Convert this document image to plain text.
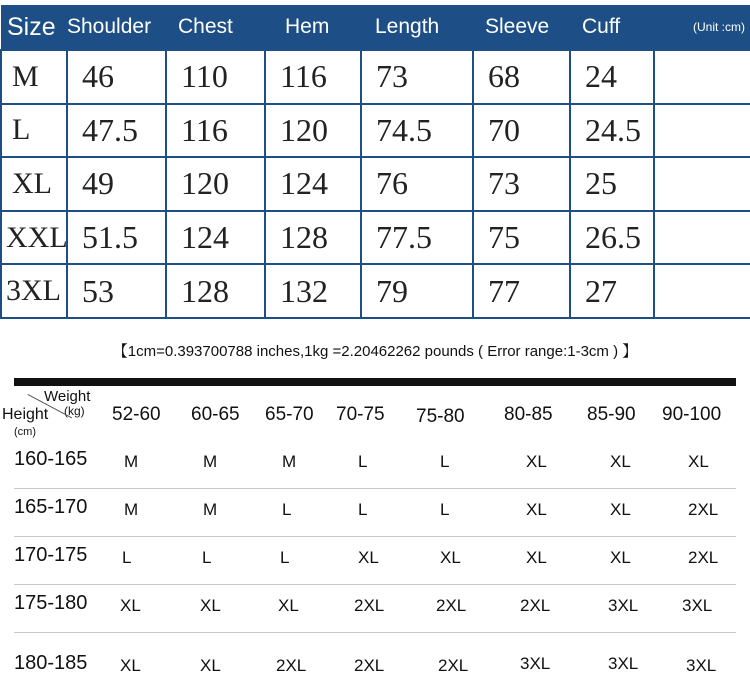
Size	Shoulder	Chest	Hem	Length	Sleeve	Cuff	(Unit :cm)
M	46	110	116	73	68	24	
L	47.5	116	120	74.5	70	24.5	
XL	49	120	124	76	73	25	
XXL	51.5	124	128	77.5	75	26.5	
3XL	53	128	132	79	77	27	
【1cm=0.393700788 inches,1kg =2.20462262 pounds ( Error range:1-3cm ) 】
Weight
(kg)
Height
(cm)
52-60 60-65 65-70 70-75 75-80 80-85 85-90 90-100
160-165 M	M	M	L	L	XL	XL	XL
165-170 M	M	L	L	L	XL	XL	2XL
170-175 L	L	L	XL	XL	XL	XL	2XL
175-180 XL	XL	XL	2XL	2XL	2XL	3XL	3XL
180-185 XL	XL	2XL	2XL	2XL	3XL	3XL	3XL
